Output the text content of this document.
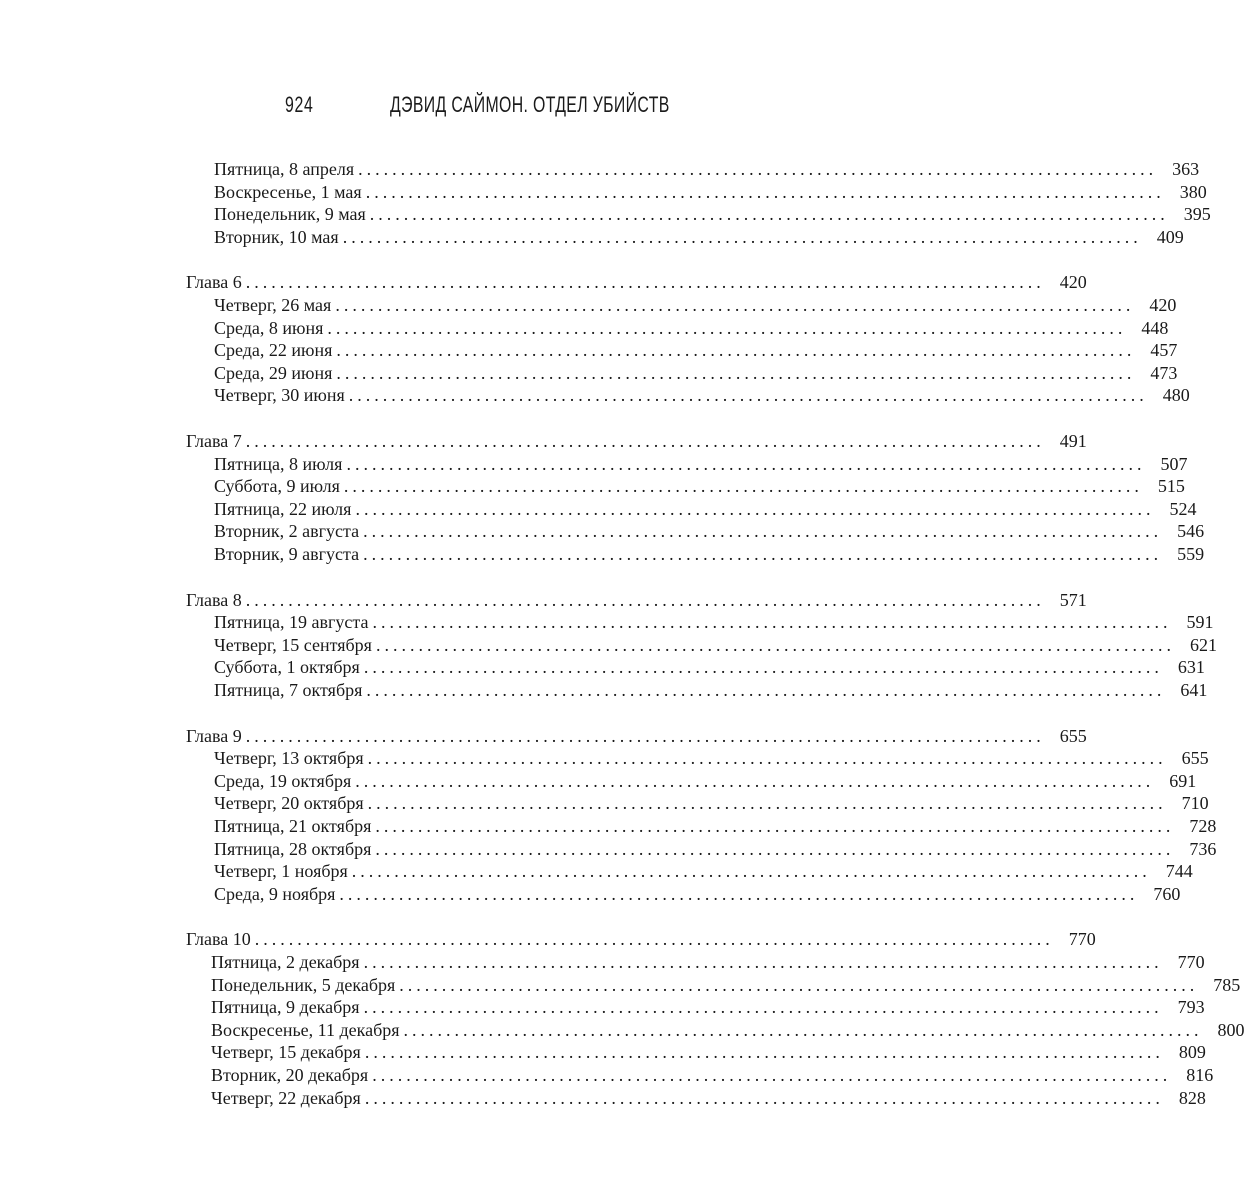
924	ДЭВИД САЙМОН. ОТДЕЛ УБИЙСТВ
Пятница, 8 апреля .............................................................................................. 363
Воскресенье, 1 мая .............................................................................................. 380
Понедельник, 9 мая .............................................................................................. 395
Вторник, 10 мая .............................................................................................. 409
Глава 6 .............................................................................................. 420
Четверг, 26 мая .............................................................................................. 420
Среда, 8 июня .............................................................................................. 448
Среда, 22 июня .............................................................................................. 457
Среда, 29 июня .............................................................................................. 473
Четверг, 30 июня .............................................................................................. 480
Глава 7 .............................................................................................. 491
Пятница, 8 июля .............................................................................................. 507
Суббота, 9 июля .............................................................................................. 515
Пятница, 22 июля .............................................................................................. 524
Вторник, 2 августа .............................................................................................. 546
Вторник, 9 августа .............................................................................................. 559
Глава 8 .............................................................................................. 571
Пятница, 19 августа .............................................................................................. 591
Четверг, 15 сентября .............................................................................................. 621
Суббота, 1 октября .............................................................................................. 631
Пятница, 7 октября .............................................................................................. 641
Глава 9 .............................................................................................. 655
Четверг, 13 октября .............................................................................................. 655
Среда, 19 октября .............................................................................................. 691
Четверг, 20 октября .............................................................................................. 710
Пятница, 21 октября .............................................................................................. 728
Пятница, 28 октября .............................................................................................. 736
Четверг, 1 ноября .............................................................................................. 744
Среда, 9 ноября .............................................................................................. 760
Глава 10 .............................................................................................. 770
Пятница, 2 декабря .............................................................................................. 770
Понедельник, 5 декабря .............................................................................................. 785
Пятница, 9 декабря .............................................................................................. 793
Воскресенье, 11 декабря .............................................................................................. 800
Четверг, 15 декабря .............................................................................................. 809
Вторник, 20 декабря .............................................................................................. 816
Четверг, 22 декабря .............................................................................................. 828
